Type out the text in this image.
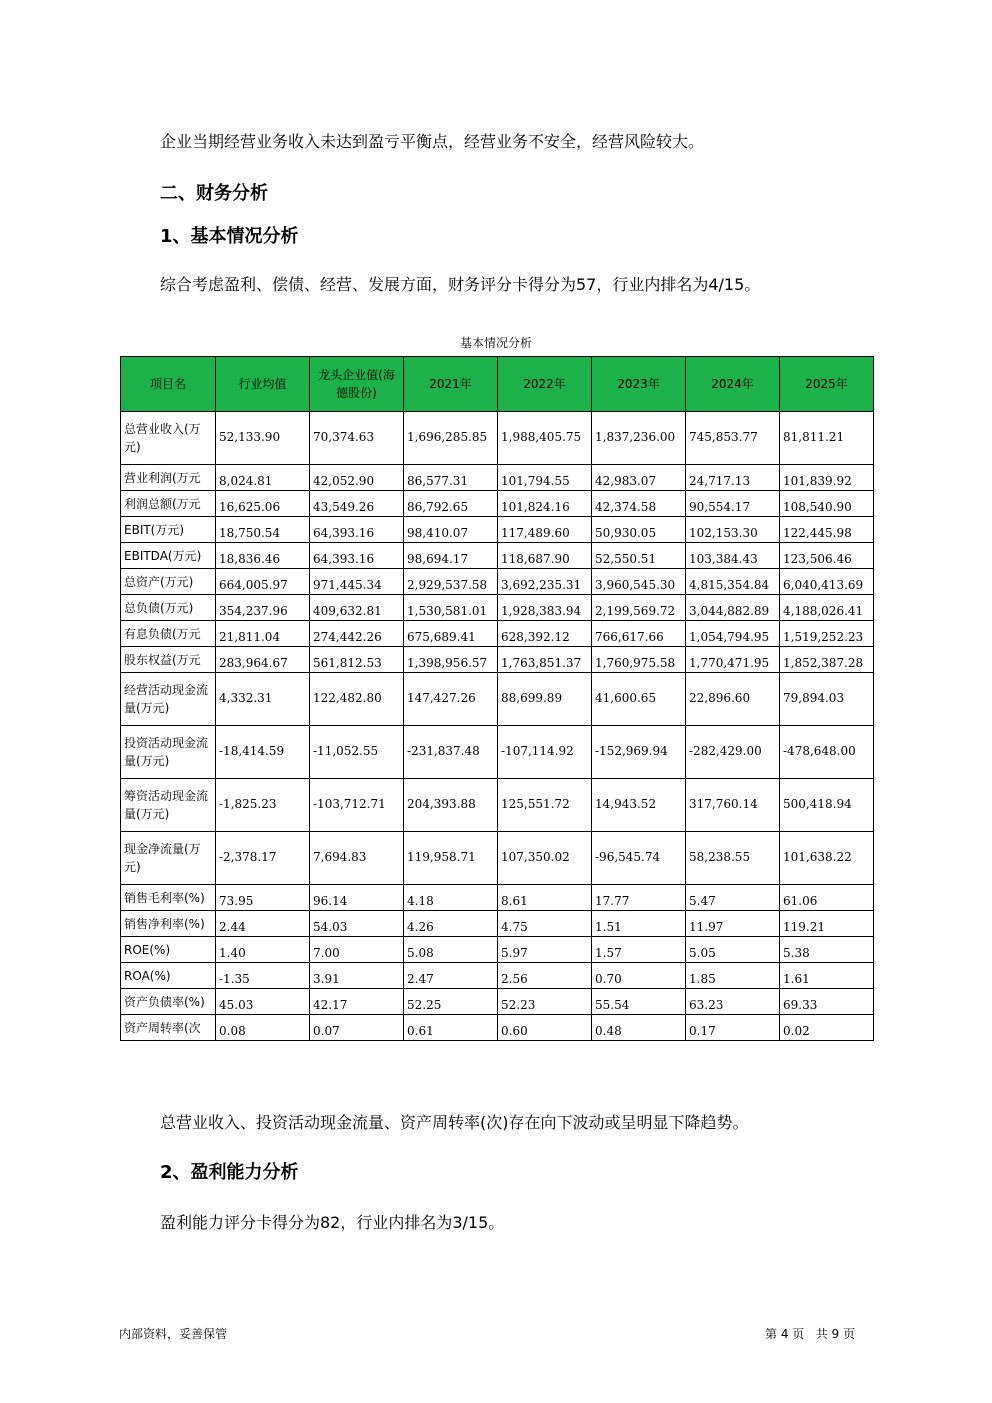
企业当期经营业务收入未达到盈亏平衡点，经营业务不安全，经营风险较大。
二、财务分析
1、基本情况分析
综合考虑盈利、偿债、经营、发展方面，财务评分卡得分为57，行业内排名为4/15。
基本情况分析
项目名	行业均值	龙头企业值(海德股份)	2021年	2022年	2023年	2024年	2025年
总营业收入(万元)	52,133.90	70,374.63	1,696,285.85	1,988,405.75	1,837,236.00	745,853.77	81,811.21
营业利润(万元	8,024.81	42,052.90	86,577.31	101,794.55	42,983.07	24,717.13	101,839.92
利润总额(万元	16,625.06	43,549.26	86,792.65	101,824.16	42,374.58	90,554.17	108,540.90
EBIT(万元)	18,750.54	64,393.16	98,410.07	117,489.60	50,930.05	102,153.30	122,445.98
EBITDA(万元)	18,836.46	64,393.16	98,694.17	118,687.90	52,550.51	103,384.43	123,506.46
总资产(万元)	664,005.97	971,445.34	2,929,537.58	3,692,235.31	3,960,545.30	4,815,354.84	6,040,413.69
总负债(万元)	354,237.96	409,632.81	1,530,581.01	1,928,383.94	2,199,569.72	3,044,882.89	4,188,026.41
有息负债(万元	21,811.04	274,442.26	675,689.41	628,392.12	766,617.66	1,054,794.95	1,519,252.23
股东权益(万元	283,964.67	561,812.53	1,398,956.57	1,763,851.37	1,760,975.58	1,770,471.95	1,852,387.28
经营活动现金流量(万元)	4,332.31	122,482.80	147,427.26	88,699.89	41,600.65	22,896.60	79,894.03
投资活动现金流量(万元)	-18,414.59	-11,052.55	-231,837.48	-107,114.92	-152,969.94	-282,429.00	-478,648.00
筹资活动现金流量(万元)	-1,825.23	-103,712.71	204,393.88	125,551.72	14,943.52	317,760.14	500,418.94
现金净流量(万元)	-2,378.17	7,694.83	119,958.71	107,350.02	-96,545.74	58,238.55	101,638.22
销售毛利率(%)	73.95	96.14	4.18	8.61	17.77	5.47	61.06
销售净利率(%)	2.44	54.03	4.26	4.75	1.51	11.97	119.21
ROE(%)	1.40	7.00	5.08	5.97	1.57	5.05	5.38
ROA(%)	-1.35	3.91	2.47	2.56	0.70	1.85	1.61
资产负债率(%)	45.03	42.17	52.25	52.23	55.54	63.23	69.33
资产周转率(次	0.08	0.07	0.61	0.60	0.48	0.17	0.02
总营业收入、投资活动现金流量、资产周转率(次)存在向下波动或呈明显下降趋势。
2、盈利能力分析
盈利能力评分卡得分为82，行业内排名为3/15。
内部资料，妥善保管	第 4 页   共 9 页
